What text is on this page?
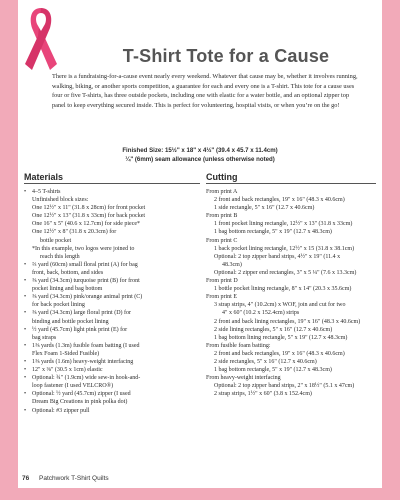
T-Shirt Tote for a Cause

There is a fundraising-for-a-cause event nearly every weekend. Whatever that cause may be, whether it involves running, walking, biking, or another sports competition, a guarantee for each and every one is a T-shirt. This tote for a cause uses four or five T-shirts, has three outside pockets, including one with elastic for a water bottle, and an optional zipper top panel to keep everything secured inside. This is perfect for volunteering, hospital visits, or when you’re on the go!

Finished Size: 15½" x 18" x 4½" (39.4 x 45.7 x 11.4cm)
¼" (6mm) seam allowance (unless otherwise noted)
Materials	Cutting
• 4–5 T-shirts
Unfinished block sizes:
One 12½" x 11" (31.8 x 28cm) for front pocket
One 12½" x 13" (31.8 x 33cm) for back pocket
One 16" x 5" (40.6 x 12.7cm) for side piece*
One 12½" x 8" (31.8 x 20.3cm) for
bottle pocket
*In this example, two logos were joined to
reach this length
• ⅔ yard (60cm) small floral print (A) for bag
front, back, bottom, and sides
• ⅜ yard (34.3cm) turquoise print (B) for front
pocket lining and bag bottom
• ⅜ yard (34.3cm) pink/orange animal print (C)
for back pocket lining
• ⅜ yard (34.3cm) large floral print (D) for
binding and bottle pocket lining
• ½ yard (45.7cm) light pink print (E) for
bag straps
• 1⅜ yards (1.3m) fusible foam batting (I used
Flex Foam 1-Sided Fusible)
• 1⅜ yards (1.6m) heavy-weight interfacing
• 12" x ⅜" (30.5 x 1cm) elastic
• Optional: ¾" (1.9cm) wide sew-in hook-and-
loop fastener (I used VELCRO®)
• Optional: ½ yard (45.7cm) zipper (I used
Dream Big Creations in pink polka dot)
• Optional: #3 zipper pull
From print A
2 front and back rectangles, 19" x 16" (48.3 x 40.6cm)
1 side rectangle, 5" x 16" (12.7 x 40.6cm)
From print B
1 front pocket lining rectangle, 12½" x 13" (31.8 x 33cm)
1 bag bottom rectangle, 5" x 19" (12.7 x 48.3cm)
From print C
1 back pocket lining rectangle, 12½" x 15 (31.8 x 38.1cm)
Optional: 2 top zipper band strips, 4½" x 19" (11.4 x
48.3cm)
Optional: 2 zipper end rectangles, 3" x 5 ¼" (7.6 x 13.3cm)
From print D
1 bottle pocket lining rectangle, 8" x 14" (20.3 x 35.6cm)
From print E
3 strap strips, 4" (10.2cm) x WOF, join and cut for two
4" x 60" (10.2 x 152.4cm) strips
2 front and back lining rectangles, 19" x 16" (48.3 x 40.6cm)
2 side lining rectangles, 5" x 16" (12.7 x 40.6cm)
1 bag bottom lining rectangle, 5" x 19" (12.7 x 48.3cm)
From fusible foam batting:
2 front and back rectangles, 19" x 16" (48.3 x 40.6cm)
2 side rectangles, 5" x 16" (12.7 x 40.6cm)
1 bag bottom rectangle, 5" x 19" (12.7 x 48.3cm)
From heavy-weight interfacing
Optional: 2 top zipper band strips, 2" x 18½" (5.1 x 47cm)
2 strap strips, 1½" x 60" (3.8 x 152.4cm)
76 Patchwork T-Shirt Quilts
